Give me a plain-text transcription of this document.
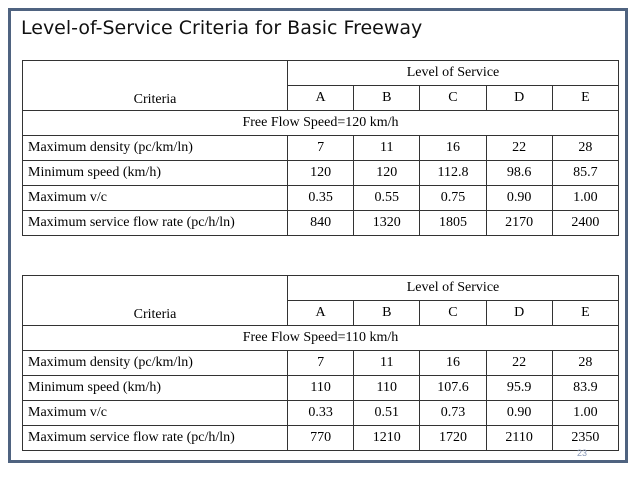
Level-of-Service Criteria for Basic Freeway
Criteria	Level of Service				
	A	B	C	D	E
Free Flow Speed=120 km/h					
Maximum density (pc/km/ln)	7	11	16	22	28
Minimum speed (km/h)	120	120	112.8	98.6	85.7
Maximum v/c	0.35	0.55	0.75	0.90	1.00
Maximum service flow rate (pc/h/ln)	840	1320	1805	2170	2400
Criteria	Level of Service				
	A	B	C	D	E
Free Flow Speed=110 km/h					
Maximum density (pc/km/ln)	7	11	16	22	28
Minimum speed (km/h)	110	110	107.6	95.9	83.9
Maximum v/c	0.33	0.51	0.73	0.90	1.00
Maximum service flow rate (pc/h/ln)	770	1210	1720	2110	2350
23
